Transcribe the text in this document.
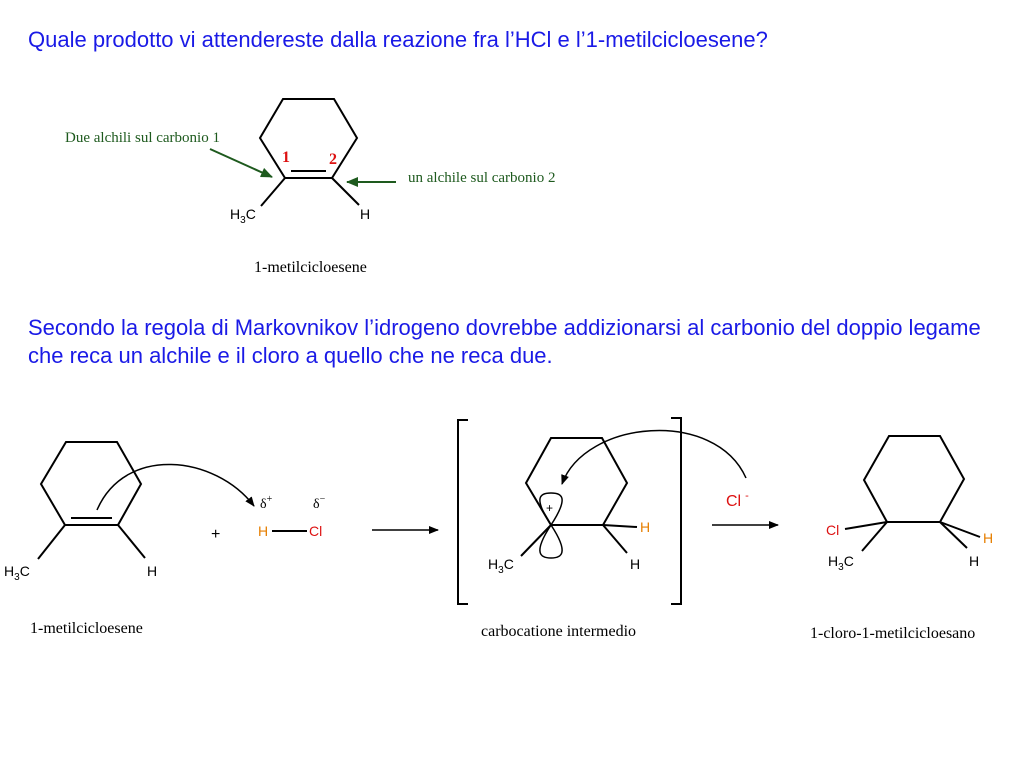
Quale prodotto vi attendereste dalla reazione fra l’HCl e l’1-metilcicloesene?
Secondo la regola di Markovnikov l’idrogeno dovrebbe addizionarsi al carbonio del doppio legame
che reca un alchile e il cloro a quello che ne reca due.
1 2
$H_3C$	H
Due alchili sul carbonio 1
un alchile sul carbonio 2
1-metilcicloesene
$H_3C$	H
1-metilcicloesene
+
δ+	δ−
H	Cl
+
H
H
$H_3C$
Cl -
carbocatione intermedio
Cl	H
H
$H_3C$
1-cloro-1-metilcicloesano
